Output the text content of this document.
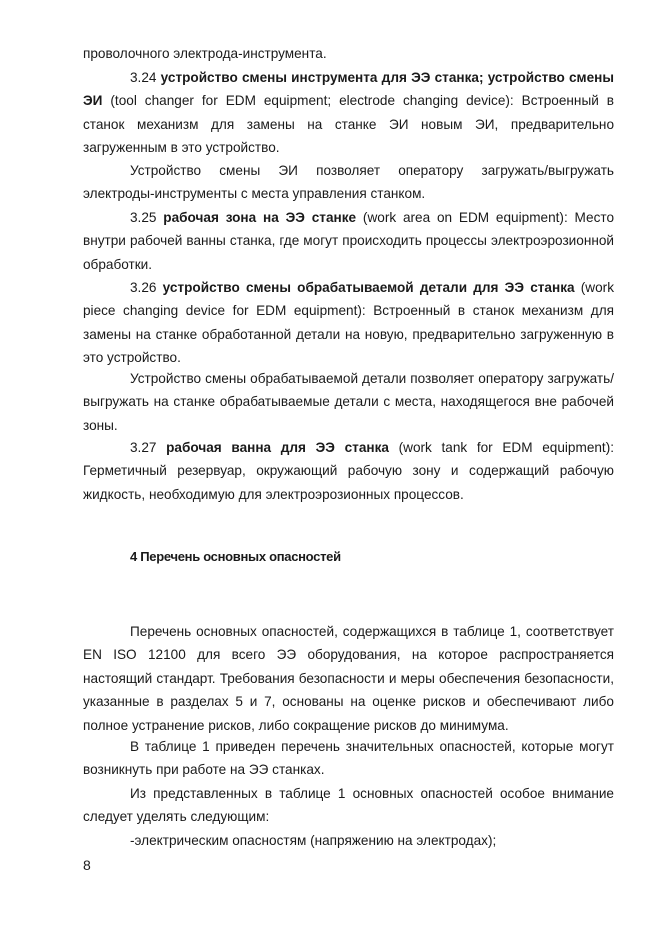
проволочного электрода-инструмента.

3.24 устройство смены инструмента для ЭЭ станка; устройство смены ЭИ (tool changer for EDM equipment; electrode changing device): Встроенный в станок механизм для замены на станке ЭИ новым ЭИ, предварительно загруженным в это устройство.

Устройство смены ЭИ позволяет оператору загружать/выгружать электроды-инструменты с места управления станком.

3.25 рабочая зона на ЭЭ станке (work area on EDM equipment): Место внутри рабочей ванны станка, где могут происходить процессы электроэрозионной обработки.

3.26 устройство смены обрабатываемой детали для ЭЭ станка (work piece changing device for EDM equipment): Встроенный в станок механизм для замены на станке обработанной детали на новую, предварительно загруженную в это устройство.

Устройство смены обрабатываемой детали позволяет оператору загружать/выгружать на станке обрабатываемые детали с места, находящегося вне рабочей зоны.

3.27 рабочая ванна для ЭЭ станка (work tank for EDM equipment): Герметичный резервуар, окружающий рабочую зону и содержащий рабочую жидкость, необходимую для электроэрозионных процессов.

4 Перечень основных опасностей

Перечень основных опасностей, содержащихся в таблице 1, соответствует EN ISO 12100 для всего ЭЭ оборудования, на которое распространяется настоящий стандарт. Требования безопасности и меры обеспечения безопасности, указанные в разделах 5 и 7, основаны на оценке рисков и обеспечивают либо полное устранение рисков, либо сокращение рисков до минимума.

В таблице 1 приведен перечень значительных опасностей, которые могут возникнуть при работе на ЭЭ станках.

Из представленных в таблице 1 основных опасностей особое внимание следует уделять следующим:

-электрическим опасностям (напряжению на электродах);

8
